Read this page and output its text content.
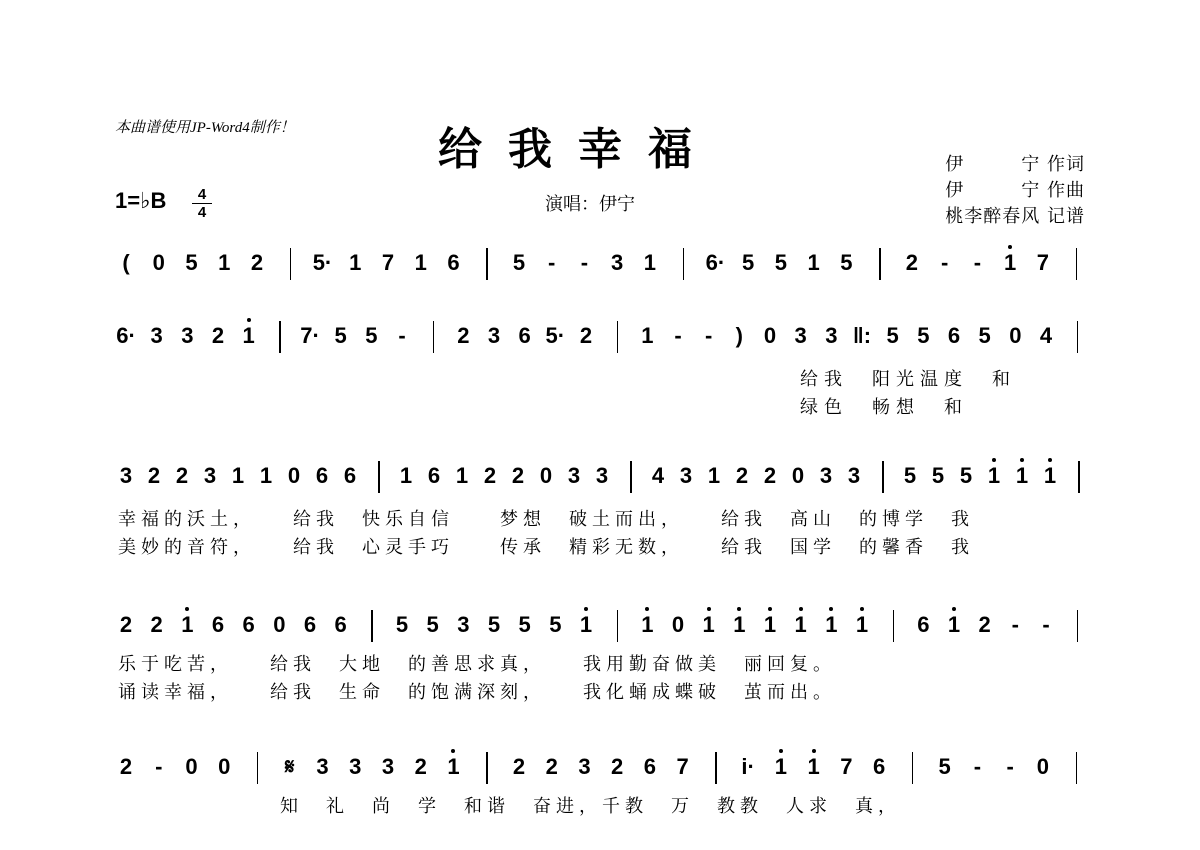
本曲谱使用JP-Word4制作！	给我幸福
演唱：伊宁
伊　　　宁 作词
伊　　　宁 作曲
桃李醉春风 记谱
1=♭B	4
4
( 0 5 1 2 5· 1 7 1 6 5 - - 3 1 6· 5 5 1 5 2 - - 1 7
6· 3 3 2 1 7· 5 5 - 2 3 6 5· 2 1 - - ) 0 3 3 ‖: 5 5 6 5 0 4
给我　阳光温度　和
绿色　畅想　和
3 2 2 3 1 1 0 6 6 1 6 1 2 2 0 3 3 4 3 1 2 2 0 3 3 5 5 5 1 1 1
幸福的沃土，　　给我　快乐自信　　梦想　破土而出，　　给我　高山　的博学　我
美妙的音符，　　给我　心灵手巧　　传承　精彩无数，　　给我　国学　的馨香　我
2 2 1 6 6 0 6 6 5 5 3 5 5 5 1 1 0 1 1 1 1 1 1 6 1 2 - -
乐于吃苦，　　给我　大地　的善思求真，　　我用勤奋做美　丽回复。
诵读幸福，　　给我　生命　的饱满深刻，　　我化蛹成蝶破　茧而出。
2 - 0 0 𝄋 3 3 3 2 1 2 2 3 2 6 7 i· 1 1 7 6 5 - - 0
知　礼　尚　学　和谐　奋进，千教　万　教教　人求　真，
